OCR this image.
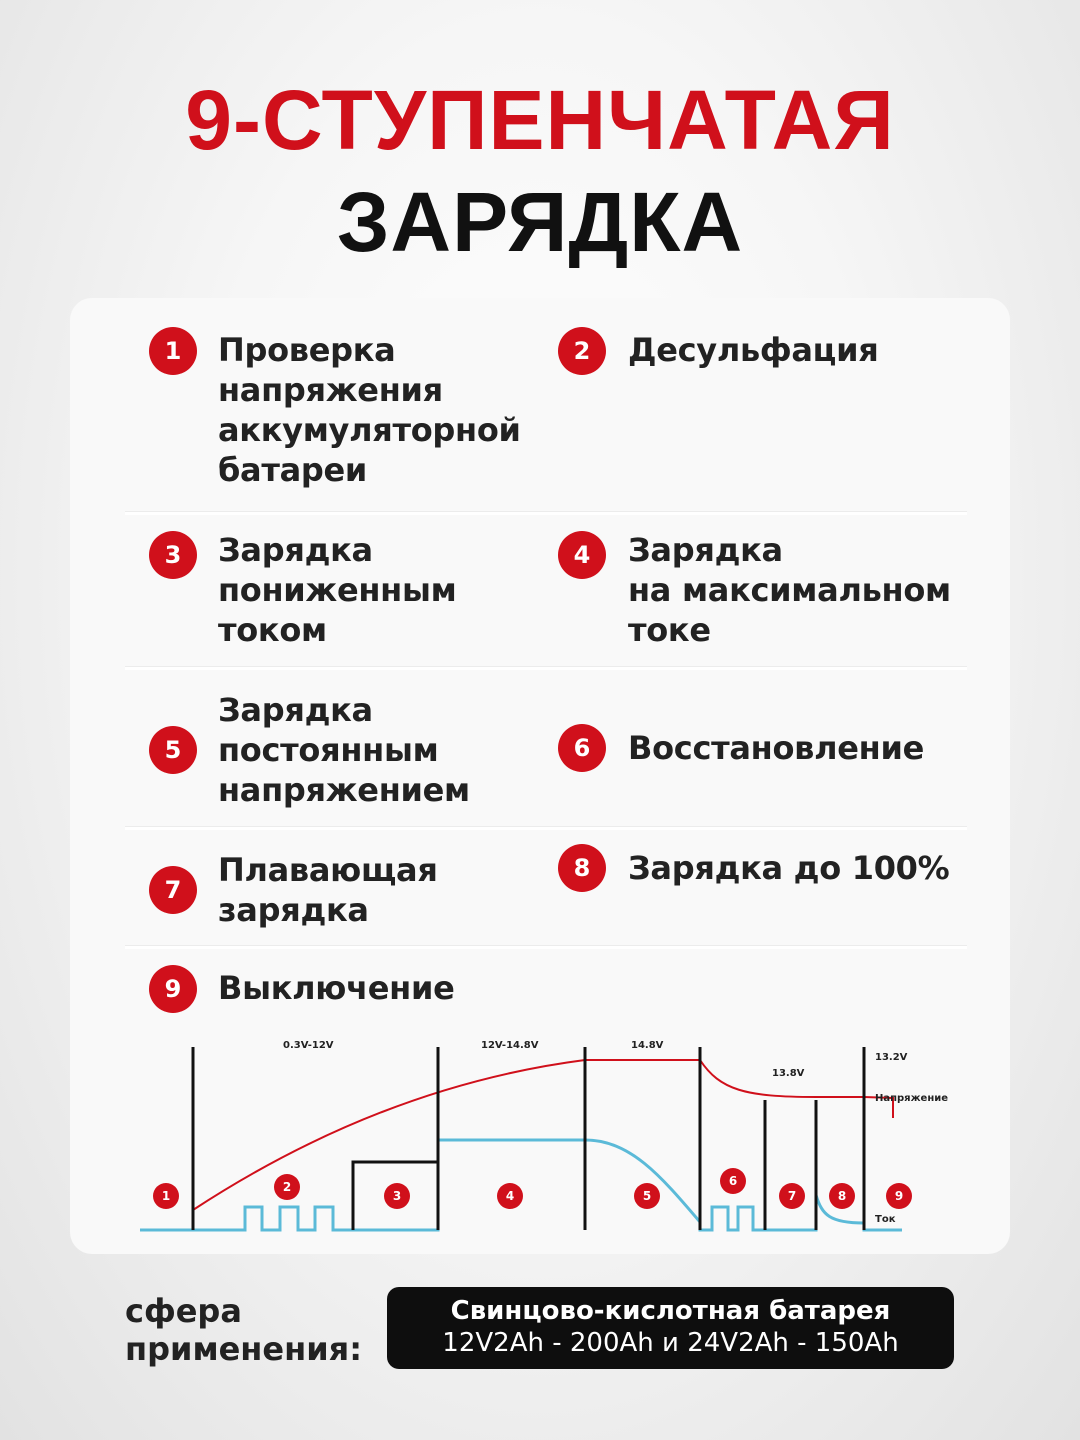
9-СТУПЕНЧАТАЯ
ЗАРЯДКА
1	Проверка
напряжения
аккумуляторной
батареи
2	Десульфация
3	Зарядка
пониженным
током
4	Зарядка
на максимальном
токе
5
Зарядка
постоянным
напряжением
6	Восстановление
7
Плавающая
зарядка
8	Зарядка до 100%
9	Выключение
0.3V-12V	12V-14.8V	14.8V
13.8V
13.2V
Напряжение
Ток
1
2
3	4	5
6
7	8	9
сфера
применения:
Свинцово-кислотная батарея
12V2Ah - 200Ah и 24V2Ah - 150Ah
